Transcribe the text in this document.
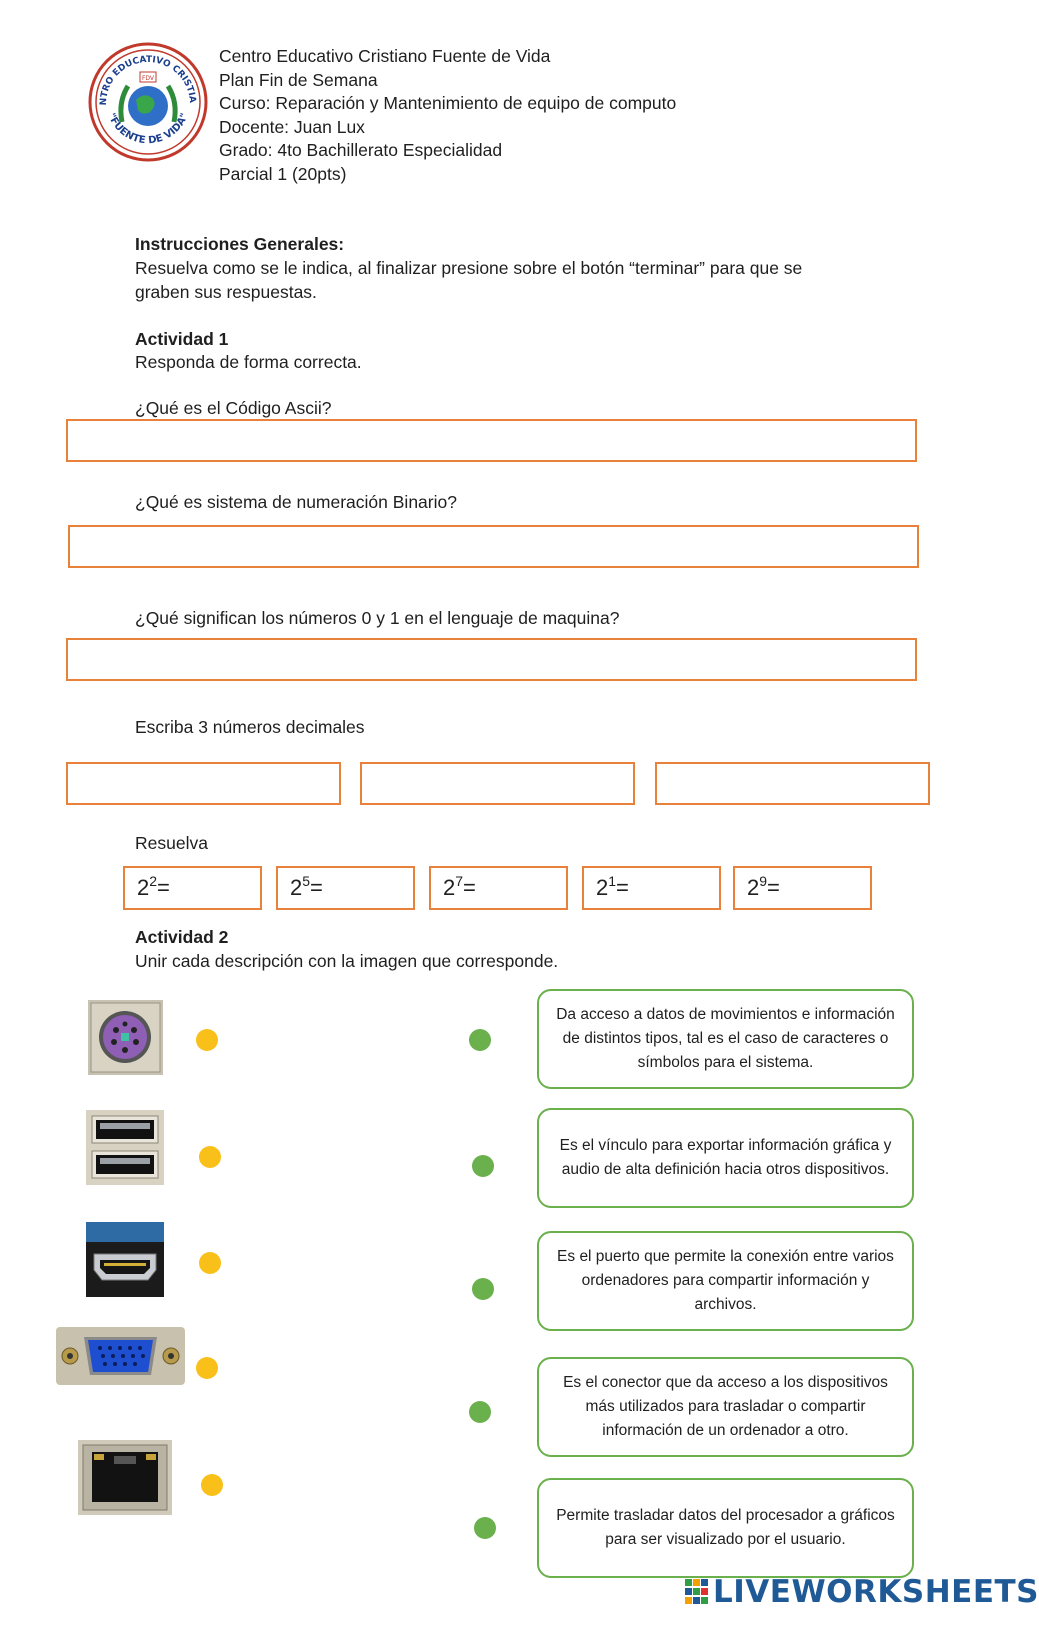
NTRO EDUCATIVO CRISTIA
"FUENTE DE VIDA"
FDV
Centro Educativo Cristiano Fuente de Vida
Plan Fin de Semana
Curso: Reparación y Mantenimiento de equipo de computo
Docente: Juan Lux
Grado: 4to Bachillerato Especialidad
Parcial 1 (20pts)
Instrucciones Generales:
Resuelva como se le indica, al finalizar presione sobre el botón “terminar” para que se
graben sus respuestas.
Actividad 1
Responda de forma correcta.
¿Qué es el Código Ascii?
¿Qué es sistema de numeración Binario?
¿Qué significan los números 0 y 1 en el lenguaje de maquina?
Escriba 3 números decimales
Resuelva
$2^2=$	$2^5=$	$2^7=$	$2^1=$	$2^9=$
Actividad 2
Unir cada descripción con la imagen que corresponde.
Da acceso a datos de movimientos e información de distintos tipos, tal es el caso de caracteres o símbolos para el sistema.
Es el vínculo para exportar información gráfica y audio de alta definición hacia otros dispositivos.
Es el puerto que permite la conexión entre varios ordenadores para compartir información y archivos.
Es el conector que da acceso a los dispositivos más utilizados para trasladar o compartir información de un ordenador a otro.
Permite trasladar datos del procesador a gráficos para ser visualizado por el usuario.
LIVEWORKSHEETS
